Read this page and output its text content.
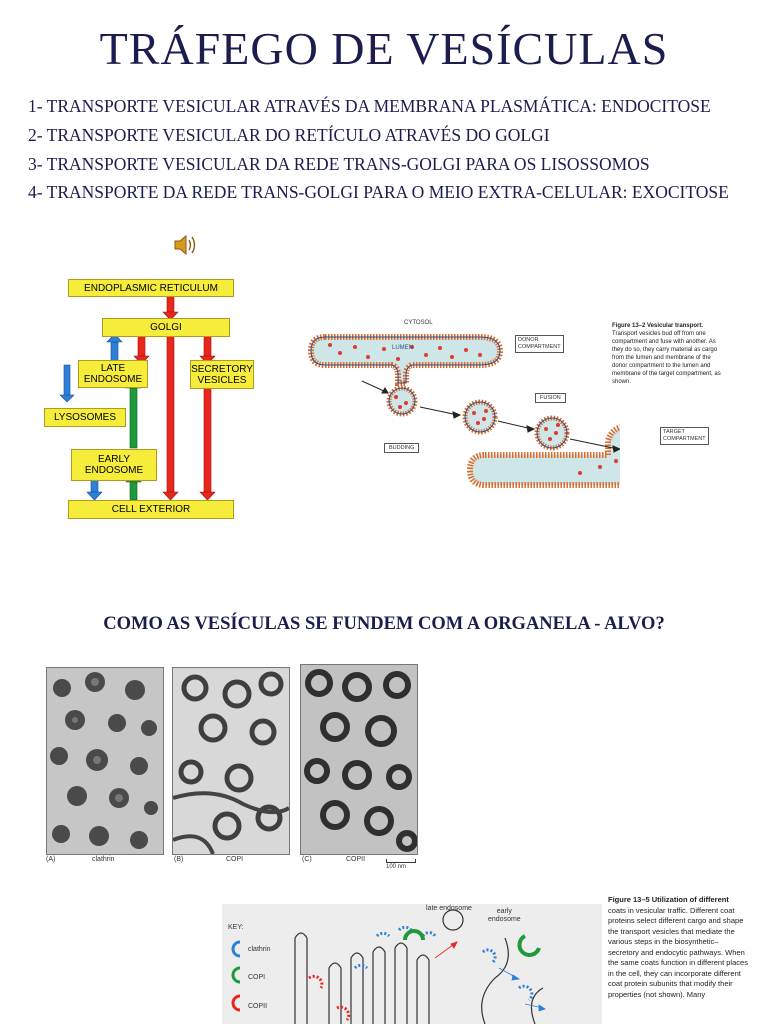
TRÁFEGO DE VESÍCULAS
1- TRANSPORTE VESICULAR ATRAVÉS DA MEMBRANA PLASMÁTICA: ENDOCITOSE
2- TRANSPORTE VESICULAR DO RETÍCULO ATRAVÉS DO GOLGI
3- TRANSPORTE VESICULAR DA REDE TRANS-GOLGI PARA OS LISOSSOMOS
4- TRANSPORTE DA REDE TRANS-GOLGI PARA O MEIO EXTRA-CELULAR: EXOCITOSE
ENDOPLASMIC RETICULUM
GOLGI
LATE
ENDOSOME
SECRETORY
VESICLES
LYSOSOMES
EARLY
ENDOSOME
CELL EXTERIOR
CYTOSOL
LUMEN
DONOR
COMPARTMENT
FUSION
BUDDING
TARGET
COMPARTMENT
Figure 13–2 Vesicular transport.
Transport vesicles bud off from one
compartment and fuse with another. As
they do so, they carry material as cargo
from the lumen and membrane of the
donor compartment to the lumen and
membrane of the target compartment, as
shown.
COMO AS VESÍCULAS SE FUNDEM COM A ORGANELA - ALVO?
(A)	clathrin	(B)	COPI	(C)	COPII
100 nm
KEY:
clathrin
COPI
COPII
late endosome	early
endosome
Figure 13–5 Utilization of different
coats in vesicular traffic. Different coat
proteins select different cargo and shape
the transport vesicles that mediate the
various steps in the biosynthetic–
secretory and endocytic pathways. When
the same coats function in different places
in the cell, they can incorporate different
coat protein subunits that modify their
properties (not shown). Many
